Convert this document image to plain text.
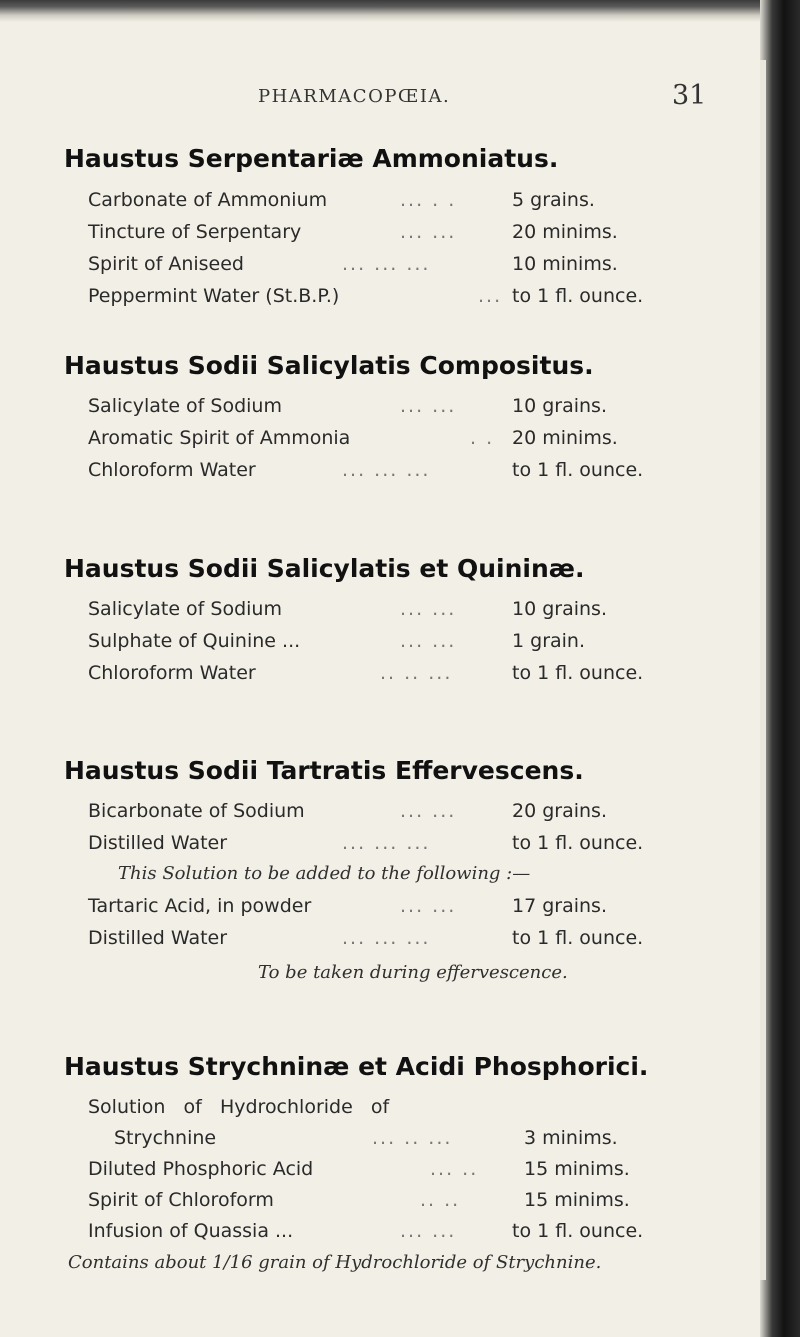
PHARMACOPŒIA.	31
Haustus Serpentariæ Ammoniatus.
Carbonate of Ammonium	... . .	5 grains.
Tincture of Serpentary	... ...	20 minims.
Spirit of Aniseed	... ... ...	10 minims.
Peppermint Water (St.B.P.)	... to 1 fl. ounce.
Haustus Sodii Salicylatis Compositus.
Salicylate of Sodium	... ...	10 grains.
Aromatic Spirit of Ammonia	. . 20 minims.
Chloroform Water	... ... ...	to 1 fl. ounce.
Haustus Sodii Salicylatis et Quininæ.
Salicylate of Sodium	... ...	10 grains.
Sulphate of Quinine ...	... ...	1 grain.
Chloroform Water	.. .. ...	to 1 fl. ounce.
Haustus Sodii Tartratis Effervescens.
Bicarbonate of Sodium	... ...	20 grains.
Distilled Water	... ... ...	to 1 fl. ounce.
This Solution to be added to the following :—
Tartaric Acid, in powder	... ...	17 grains.
Distilled Water	... ... ...	to 1 fl. ounce.
To be taken during effervescence.
Haustus Strychninæ et Acidi Phosphorici.
Solution   of   Hydrochloride   of
Strychnine	... .. ...	3 minims.
Diluted Phosphoric Acid	... .. 15 minims.
Spirit of Chloroform	.. ..	15 minims.
Infusion of Quassia ...	... ...	to 1 fl. ounce.
Contains about 1/16 grain of Hydrochloride of Strychnine.
